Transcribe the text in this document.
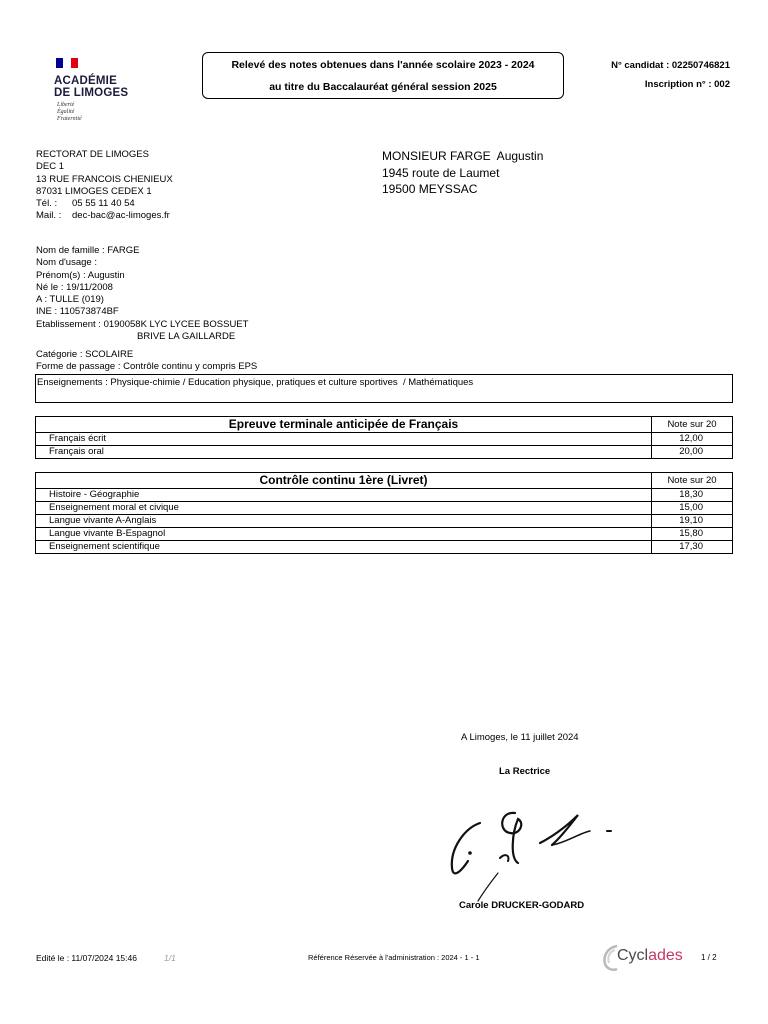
ACADÉMIE
DE LIMOGES
Liberté
Égalité
Fraternité
Relevé des notes obtenues dans l'année scolaire 2023 - 2024
au titre du Baccalauréat général session 2025
N° candidat : 02250746821
Inscription n° : 002
RECTORAT DE LIMOGES
DEC 1
13 RUE FRANCOIS CHENIEUX
87031 LIMOGES CEDEX 1
Tél. : 05 55 11 40 54
Mail. : dec-bac@ac-limoges.fr
MONSIEUR FARGE  Augustin
1945 route de Laumet
19500 MEYSSAC
Nom de famille : FARGE
Nom d'usage :
Prénom(s) : Augustin
Né le : 19/11/2008
A : TULLE (019)
INE : 110573874BF
Etablissement : 0190058K LYC LYCEE BOSSUET
BRIVE LA GAILLARDE
Catégorie : SCOLAIRE
Forme de passage : Contrôle continu y compris EPS
Enseignements : Physique-chimie / Education physique, pratiques et culture sportives  / Mathématiques
Epreuve terminale anticipée de Français	Note sur 20
Français écrit	12,00
Français oral	20,00
Contrôle continu 1ère (Livret)	Note sur 20
Histoire - Géographie	18,30
Enseignement moral et civique	15,00
Langue vivante A-Anglais	19,10
Langue vivante B-Espagnol	15,80
Enseignement scientifique	17,30
A Limoges, le 11 juillet 2024
La Rectrice
Carole DRUCKER-GODARD
Edité le : 11/07/2024 15:46	1/1	Référence Réservée à l'administration : 2024 - 1 - 1	Cyclades 1 / 2
